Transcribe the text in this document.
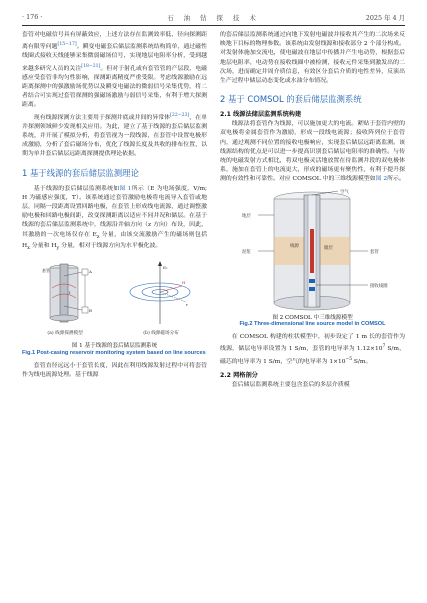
· 176 ·	石 油 钻 探 技 术	2025 年 4 月

套管对电磁信号具有屏蔽效应，上述方法存在监测效率低、径向探测距离有限等问题[15−17]。瞬变电磁套后储层监测系统结构简单，通过磁性线圈式接收天线能够采集微弱磁场信号，实现地层电阻率分析，受到越来越多研究人员的关注[18−21]。但对于射孔或有套管管的产层段，电磁感应受套管非均匀性影响，探测距离精度严重受限。考虑线源激励在远距离探测中的强激励场优势以及瞬变电磁法的微弱信号采集优势，将二者结合可实现过套管探测的强磁场激励与弱信号采集，有利于增大探测距离。

现有线源探测方法主要用于探测井底或井间的异常体[22−23]，在单井探测领域鲜少发现相关应用。为此，建立了基于线源的套后储层监测系统，并开展了模拟分析，将套管视为一段线源，在套管中设置电极形成激励，分析了套后磁场分布，优化了线源长度及其收的排布位置，以期为单井套后储层远距离探测提供理论依据。

1 基于线源的套后储层监测理论

基于线源的套后储层监测系统如图 1所示（E 为电场强度，V/m; H 为磁感应强度，T）。该系统通过套管激励电极将电流导入套管或地层，同隔一段距离设置回路电极，在套管上形成线电流源，通过调整激励电极和回路电极间距，改变探测距离以适应不同井况和储层。在基于线源的套后储层监测系统中，线源沿井轴方向（z 方向）布设，因此，其激励的一次电场仅存在 $E_z$ 分量，由该交流激励产生的磁场则包括 $H_x$ 分量和 $H_y$ 分量，相对于线源方向为水平极化波。

套管	A
B
I
E₂
H
r
(a) 线源探测模型	(b) 线源磁场分布
图 1 基于线源的套后储层监测系统
Fig.1 Post-casing reservoir monitoring system based on line sources

套管直径远远小于套管长度，因此在利用线源发射过程中可将套管作为线电流源处理。基于线源

的套后储层监测系统通过向地下发射电磁波并接收其产生的二次场来反映地下目标的物理参数。该系统由发射线源和接收部分 2 个部分构成。对发射体施加交流电，使电磁波在地层中传播并产生电动势，根据套后地层电阻率，电动势在接收线圈中被检测，接收元件采集到激发出的二次场，进而确定井周介质信息，有效区分套后介质的电性差异，反演出生产过程中储层动态变化或水油分布情况。

2 基于 COMSOL 的套后储层监测系统
2.1 线源法储层监测系统构建

线源法将套管作为线源，可以施加更大的电流。紧贴于套管内壁的双电极将金属套管作为激励，形成一段线电流源；接收阵列位于套管内，通过观测不同位置的接收电极响应，实现套后储层远距离监测。该线源结构的优点是可以进一步提高识别套后储层电阻率的准确性。与传统的电磁发射方式相比，将双电极灵活地放置在待监测井段的双电极体系，施加在套管上的电流更大，形成的磁场更有聚焦性，有利于提升探测的有效性和可靠性。对应 COMSOL 中的三维线源模型如图 2所示。

地层
套管
泥浆
储层
线源
空气
接收线圈
图 2 COMSOL 中三维线源模型
Fig.2 Three-dimensional line source model in COMSOL

在 COMSOL 构建的柱状模型中，初步设定了 1 m 长的套管作为线源，储层电导率设置为 1 S/m，套管的电导率为 $1.12\times 10^7$ S/m，磁芯的电导率为 1 S/m，空气的电导率为 $1\times 10^{-5}$ S/m。

2.2 网格剖分

套后储层监测系统主要包含套后的多层介质模
